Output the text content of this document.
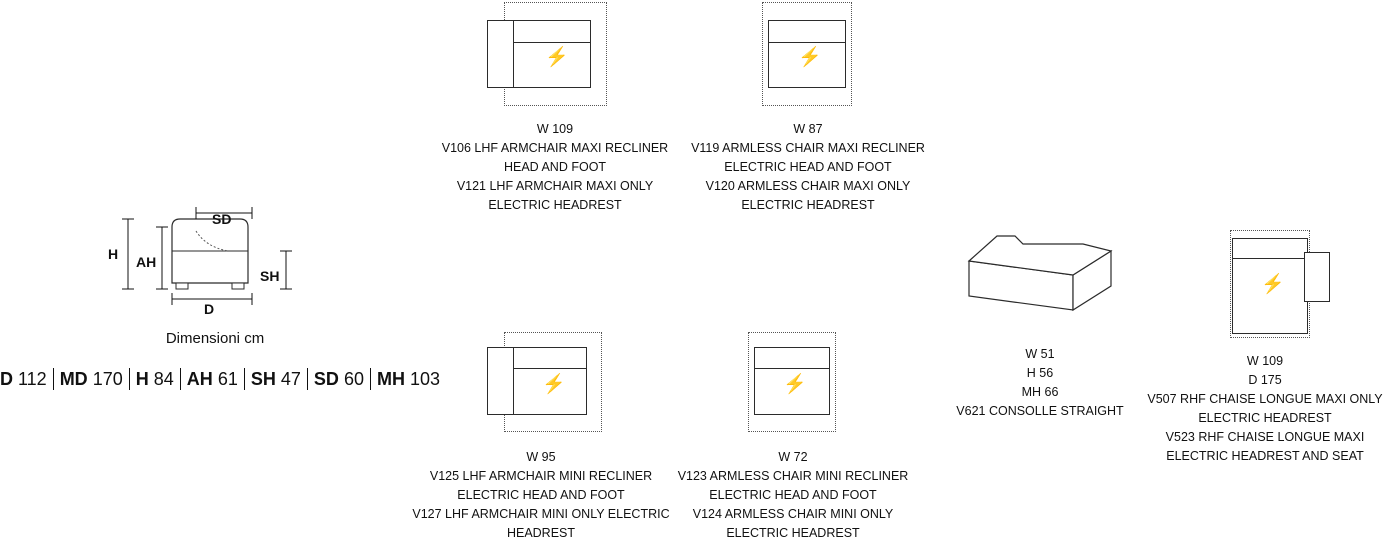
SD
H AH
SH
D
Dimensioni cm
D 112 MD 170 H 84 AH 61 SH 47 SD 60 MH 103
⚡
W 109
V106 LHF ARMCHAIR MAXI RECLINER
HEAD AND FOOT
V121 LHF ARMCHAIR MAXI ONLY
ELECTRIC HEADREST
⚡
W 87
V119 ARMLESS CHAIR MAXI RECLINER
ELECTRIC HEAD AND FOOT
V120 ARMLESS CHAIR MAXI ONLY
ELECTRIC HEADREST
⚡
W 95
V125 LHF ARMCHAIR MINI RECLINER
ELECTRIC HEAD AND FOOT
V127 LHF ARMCHAIR MINI ONLY ELECTRIC
HEADREST
⚡
W 72
V123 ARMLESS CHAIR MINI RECLINER
ELECTRIC HEAD AND FOOT
V124 ARMLESS CHAIR MINI ONLY
ELECTRIC HEADREST
W 51
H 56
MH 66
V621 CONSOLLE STRAIGHT
⚡
W 109
D 175
V507 RHF CHAISE LONGUE MAXI ONLY
ELECTRIC HEADREST
V523 RHF CHAISE LONGUE MAXI
ELECTRIC HEADREST AND SEAT
